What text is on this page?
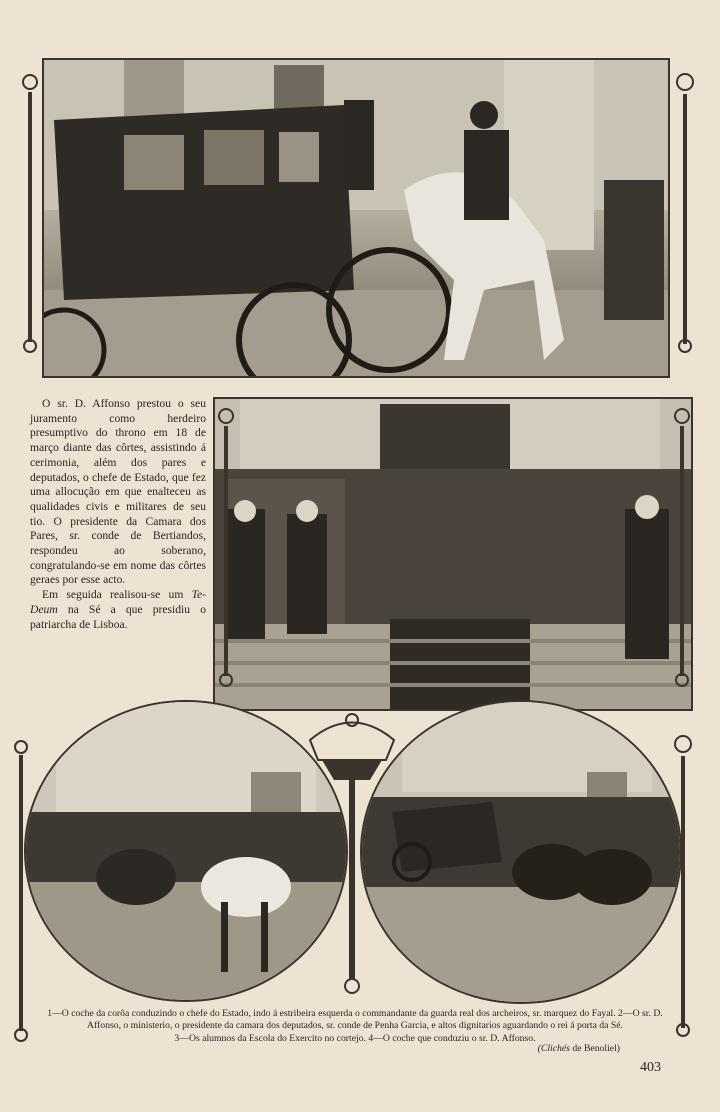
O sr. D. Affonso prestou o seu juramento como herdeiro presumptivo do throno em 18 de março diante das côrtes, assistindo á cerimonia, além dos pares e deputados, o chefe de Estado, que fez uma allocução em que enalteceu as qualidades civis e militares de seu tio. O presidente da Camara dos Pares, sr. conde de Bertiandos, respondeu ao soberano, congratulando-se em nome das côrtes geraes por esse acto.

Em seguida realisou-se um Te-Deum na Sé a que presidiu o patriarcha de Lisboa.

1—O coche da corôa conduzindo o chefe do Estado, indo á estribeira esquerda o commandante da guarda real dos archeiros, sr. marquez do Fayal. 2—O sr. D. Affonso, o ministerio, o presidente da camara dos deputados, sr. conde de Penha Garcia, e altos dignitarios aguardando o rei á porta da Sé.
3—Os alumnos da Escola do Exercito no cortejo. 4—O coche que conduziu o sr. D. Affonso.
(Clichés de Benoliel)
403
